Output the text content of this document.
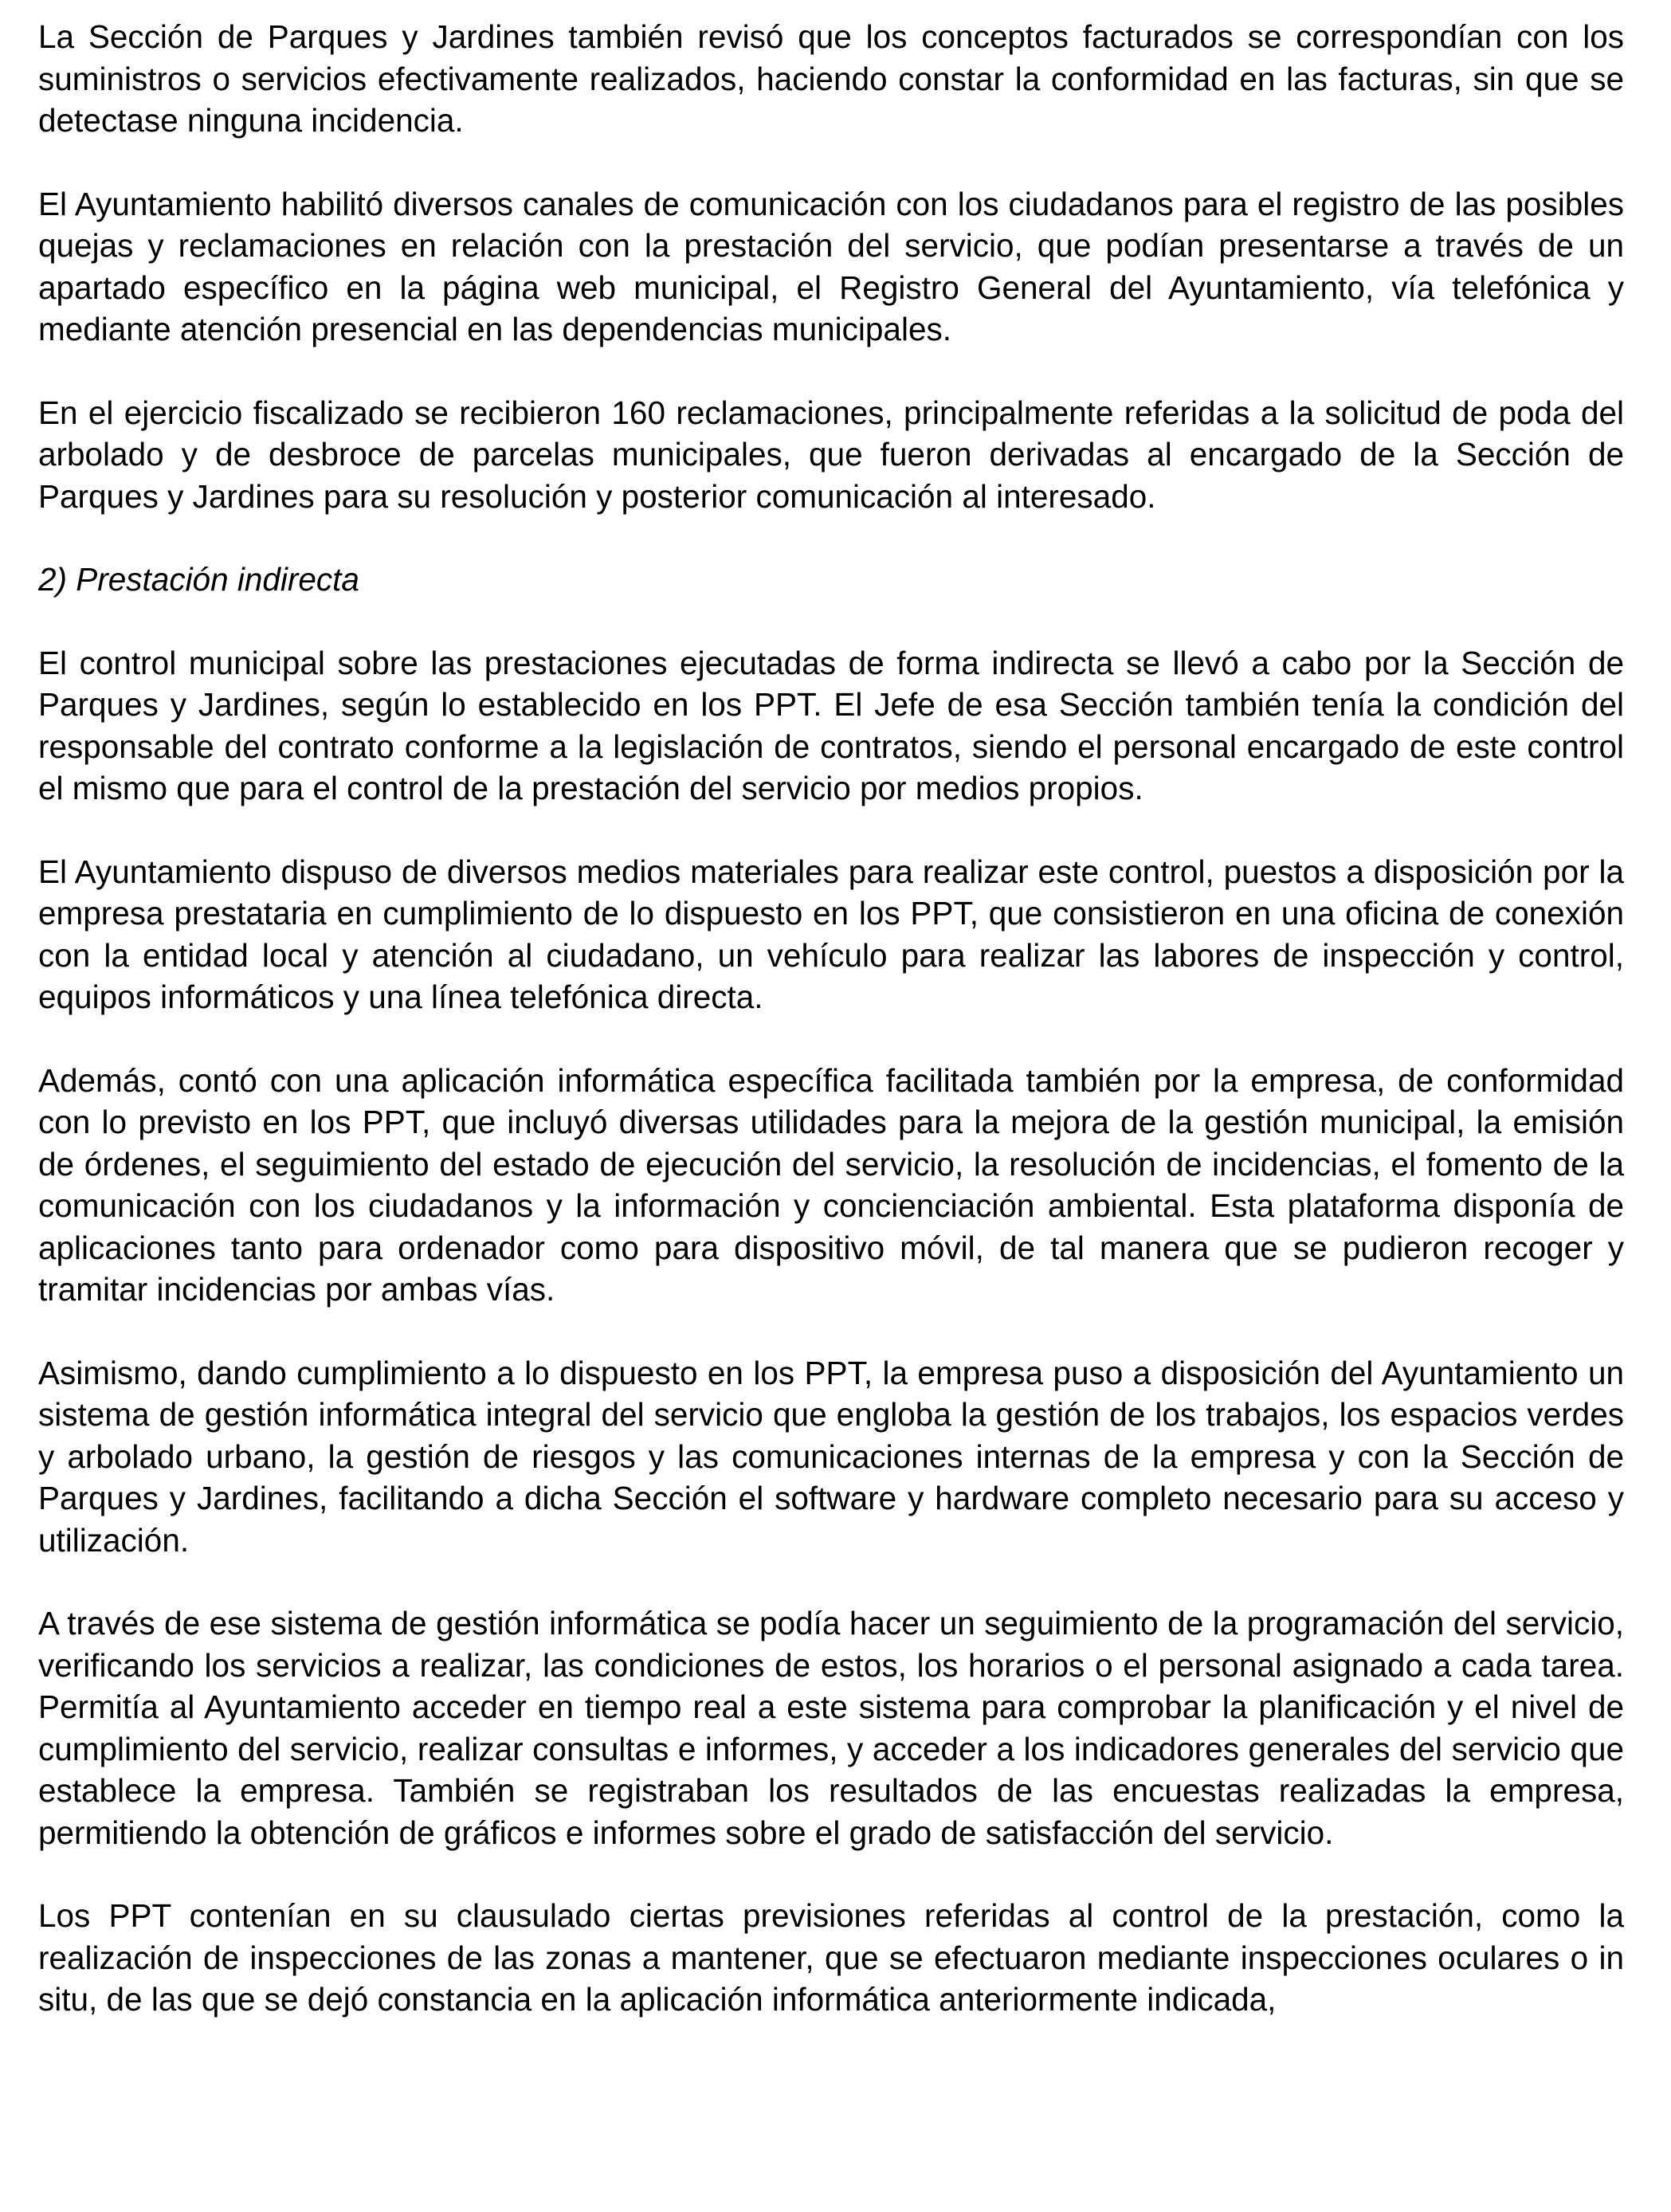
La Sección de Parques y Jardines también revisó que los conceptos facturados se correspondían con los suministros o servicios efectivamente realizados, haciendo constar la conformidad en las facturas, sin que se detectase ninguna incidencia.

El Ayuntamiento habilitó diversos canales de comunicación con los ciudadanos para el registro de las posibles quejas y reclamaciones en relación con la prestación del servicio, que podían presentarse a través de un apartado específico en la página web municipal, el Registro General del Ayuntamiento, vía telefónica y mediante atención presencial en las dependencias municipales.

En el ejercicio fiscalizado se recibieron 160 reclamaciones, principalmente referidas a la solicitud de poda del arbolado y de desbroce de parcelas municipales, que fueron derivadas al encargado de la Sección de Parques y Jardines para su resolución y posterior comunicación al interesado.

2) Prestación indirecta

El control municipal sobre las prestaciones ejecutadas de forma indirecta se llevó a cabo por la Sección de Parques y Jardines, según lo establecido en los PPT. El Jefe de esa Sección también tenía la condición del responsable del contrato conforme a la legislación de contratos, siendo el personal encargado de este control el mismo que para el control de la prestación del servicio por medios propios.

El Ayuntamiento dispuso de diversos medios materiales para realizar este control, puestos a disposición por la empresa prestataria en cumplimiento de lo dispuesto en los PPT, que consistieron en una oficina de conexión con la entidad local y atención al ciudadano, un vehículo para realizar las labores de inspección y control, equipos informáticos y una línea telefónica directa.

Además, contó con una aplicación informática específica facilitada también por la empresa, de conformidad con lo previsto en los PPT, que incluyó diversas utilidades para la mejora de la gestión municipal, la emisión de órdenes, el seguimiento del estado de ejecución del servicio, la resolución de incidencias, el fomento de la comunicación con los ciudadanos y la información y concienciación ambiental. Esta plataforma disponía de aplicaciones tanto para ordenador como para dispositivo móvil, de tal manera que se pudieron recoger y tramitar incidencias por ambas vías.

Asimismo, dando cumplimiento a lo dispuesto en los PPT, la empresa puso a disposición del Ayuntamiento un sistema de gestión informática integral del servicio que engloba la gestión de los trabajos, los espacios verdes y arbolado urbano, la gestión de riesgos y las comunicaciones internas de la empresa y con la Sección de Parques y Jardines, facilitando a dicha Sección el software y hardware completo necesario para su acceso y utilización.

A través de ese sistema de gestión informática se podía hacer un seguimiento de la programación del servicio, verificando los servicios a realizar, las condiciones de estos, los horarios o el personal asignado a cada tarea. Permitía al Ayuntamiento acceder en tiempo real a este sistema para comprobar la planificación y el nivel de cumplimiento del servicio, realizar consultas e informes, y acceder a los indicadores generales del servicio que establece la empresa. También se registraban los resultados de las encuestas realizadas la empresa, permitiendo la obtención de gráficos e informes sobre el grado de satisfacción del servicio.

Los PPT contenían en su clausulado ciertas previsiones referidas al control de la prestación, como la realización de inspecciones de las zonas a mantener, que se efectuaron mediante inspecciones oculares o in situ, de las que se dejó constancia en la aplicación informática anteriormente indicada,
